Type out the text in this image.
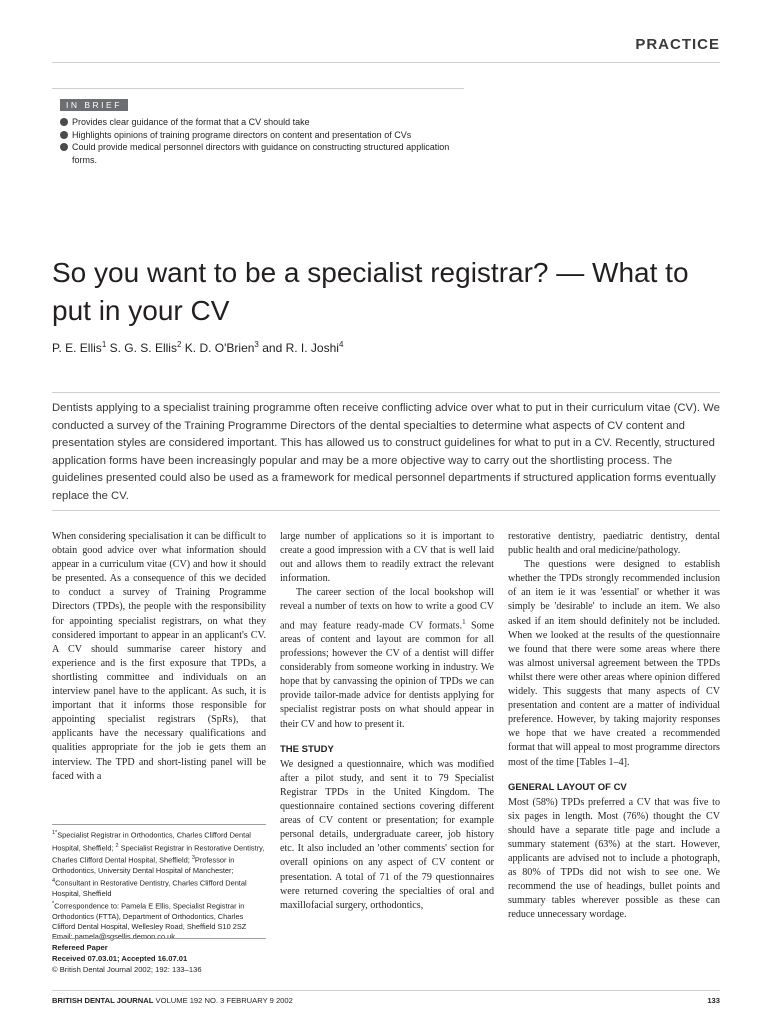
PRACTICE
IN BRIEF
Provides clear guidance of the format that a CV should take
Highlights opinions of training programe directors on content and presentation of CVs
Could provide medical personnel directors with guidance on constructing structured application forms.
So you want to be a specialist registrar? — What to put in your CV
P. E. Ellis$^1$ S. G. S. Ellis$^2$ K. D. O'Brien$^3$ and R. I. Joshi$^4$

Dentists applying to a specialist training programme often receive conflicting advice over what to put in their curriculum vitae (CV). We conducted a survey of the Training Programme Directors of the dental specialties to determine what aspects of CV content and presentation styles are considered important. This has allowed us to construct guidelines for what to put in a CV. Recently, structured application forms have been increasingly popular and may be a more objective way to carry out the shortlisting process. The guidelines presented could also be used as a framework for medical personnel departments if structured application forms eventually replace the CV.

When considering specialisation it can be difficult to obtain good advice over what information should appear in a curriculum vitae (CV) and how it should be presented. As a consequence of this we decided to conduct a survey of Training Programme Directors (TPDs), the people with the responsibility for appointing specialist registrars, on what they considered important to appear in an applicant's CV. A CV should summarise career history and experience and is the first exposure that TPDs, a shortlisting committee and individuals on an interview panel have to the applicant. As such, it is important that it informs those responsible for appointing specialist registrars (SpRs), that applicants have the necessary qualifications and qualities appropriate for the job ie gets them an interview. The TPD and short-listing panel will be faced with a

large number of applications so it is important to create a good impression with a CV that is well laid out and allows them to readily extract the relevant information.

The career section of the local bookshop will reveal a number of texts on how to write a good CV and may feature ready-made CV formats.$^1$ Some areas of content and layout are common for all professions; however the CV of a dentist will differ considerably from someone working in industry. We hope that by canvassing the opinion of TPDs we can provide tailor-made advice for dentists applying for specialist registrar posts on what should appear in their CV and how to present it.

THE STUDY

We designed a questionnaire, which was modified after a pilot study, and sent it to 79 Specialist Registrar TPDs in the United Kingdom. The questionnaire contained sections covering different areas of CV content or presentation; for example personal details, undergraduate career, job history etc. It also included an 'other comments' section for overall opinions on any aspect of CV content or presentation. A total of 71 of the 79 questionnaires were returned covering the specialties of oral and maxillofacial surgery, orthodontics,

restorative dentistry, paediatric dentistry, dental public health and oral medicine/pathology.

The questions were designed to establish whether the TPDs strongly recommended inclusion of an item ie it was 'essential' or whether it was simply be 'desirable' to include an item. We also asked if an item should definitely not be included. When we looked at the results of the questionnaire we found that there were some areas where there was almost universal agreement between the TPDs whilst there were other areas where opinion differed widely. This suggests that many aspects of CV presentation and content are a matter of individual preference. However, by taking majority responses we hope that we have created a recommended format that will appeal to most programme directors most of the time [Tables 1–4].

GENERAL LAYOUT OF CV

Most (58%) TPDs preferred a CV that was five to six pages in length. Most (76%) thought the CV should have a separate title page and include a summary statement (63%) at the start. However, applicants are advised not to include a photograph, as 80% of TPDs did not wish to see one. We recommend the use of headings, bullet points and summary tables wherever possible as these can reduce unnecessary wordage.

$^{1*}$Specialist Registrar in Orthodontics, Charles Clifford Dental Hospital, Sheffield; $^2$ Specialist Registrar in Restorative Dentistry, Charles Clifford Dental Hospital, Sheffield; $^3$Professor in Orthodontics, University Dental Hospital of Manchester; $^4$Consultant in Restorative Dentistry, Charles Clifford Dental Hospital, Sheffield
*Correspondence to: Pamela E Ellis, Specialist Registrar in Orthodontics (FTTA), Department of Orthodontics, Charles Clifford Dental Hospital, Wellesley Road, Sheffield S10 2SZ
Email: pamela@sgsellis.demon.co.uk
Refereed Paper
Received 07.03.01; Accepted 16.07.01
© British Dental Journal 2002; 192: 133–136
BRITISH DENTAL JOURNAL VOLUME 192 NO. 3 FEBRUARY 9 2002	133
